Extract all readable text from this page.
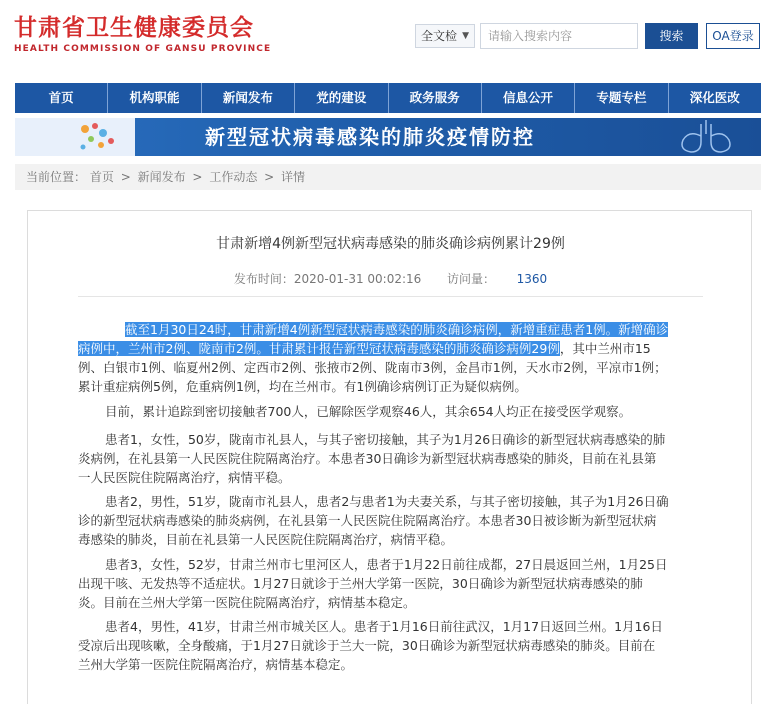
甘肃省卫生健康委员会
HEALTH COMMISSION OF GANSU PROVINCE
全文检 ▼	请输入搜索内容	搜索	OA登录
首页	机构职能	新闻发布	党的建设	政务服务	信息公开	专题专栏	深化医改
新型冠状病毒感染的肺炎疫情防控
当前位置： 首页 > 新闻发布 > 工作动态 > 详情
甘肃新增4例新型冠状病毒感染的肺炎确诊病例累计29例
发布时间：2020-01-31 00:02:16 访问量： 1360
截至1月30日24时，甘肃新增4例新型冠状病毒感染的肺炎确诊病例，新增重症患者1例。新增确诊
病例中，兰州市2例、陇南市2例。甘肃累计报告新型冠状病毒感染的肺炎确诊病例29例，其中兰州市15
例、白银市1例、临夏州2例、定西市2例、张掖市2例、陇南市3例，金昌市1例，天水市2例，平凉市1例；
累计重症病例5例，危重病例1例，均在兰州市。有1例确诊病例订正为疑似病例。
目前，累计追踪到密切接触者700人，已解除医学观察46人，其余654人均正在接受医学观察。
患者1，女性，50岁，陇南市礼县人，与其子密切接触，其子为1月26日确诊的新型冠状病毒感染的肺
炎病例，在礼县第一人民医院住院隔离治疗。本患者30日确诊为新型冠状病毒感染的肺炎，目前在礼县第
一人民医院住院隔离治疗，病情平稳。
患者2，男性，51岁，陇南市礼县人，患者2与患者1为夫妻关系，与其子密切接触，其子为1月26日确
诊的新型冠状病毒感染的肺炎病例，在礼县第一人民医院住院隔离治疗。本患者30日被诊断为新型冠状病
毒感染的肺炎，目前在礼县第一人民医院住院隔离治疗，病情平稳。
患者3，女性，52岁，甘肃兰州市七里河区人，患者于1月22日前往成都，27日晨返回兰州，1月25日
出现干咳、无发热等不适症状。1月27日就诊于兰州大学第一医院，30日确诊为新型冠状病毒感染的肺
炎。目前在兰州大学第一医院住院隔离治疗，病情基本稳定。
患者4，男性，41岁，甘肃兰州市城关区人。患者于1月16日前往武汉，1月17日返回兰州。1月16日
受凉后出现咳嗽，全身酸痛，于1月27日就诊于兰大一院，30日确诊为新型冠状病毒感染的肺炎。目前在
兰州大学第一医院住院隔离治疗，病情基本稳定。
